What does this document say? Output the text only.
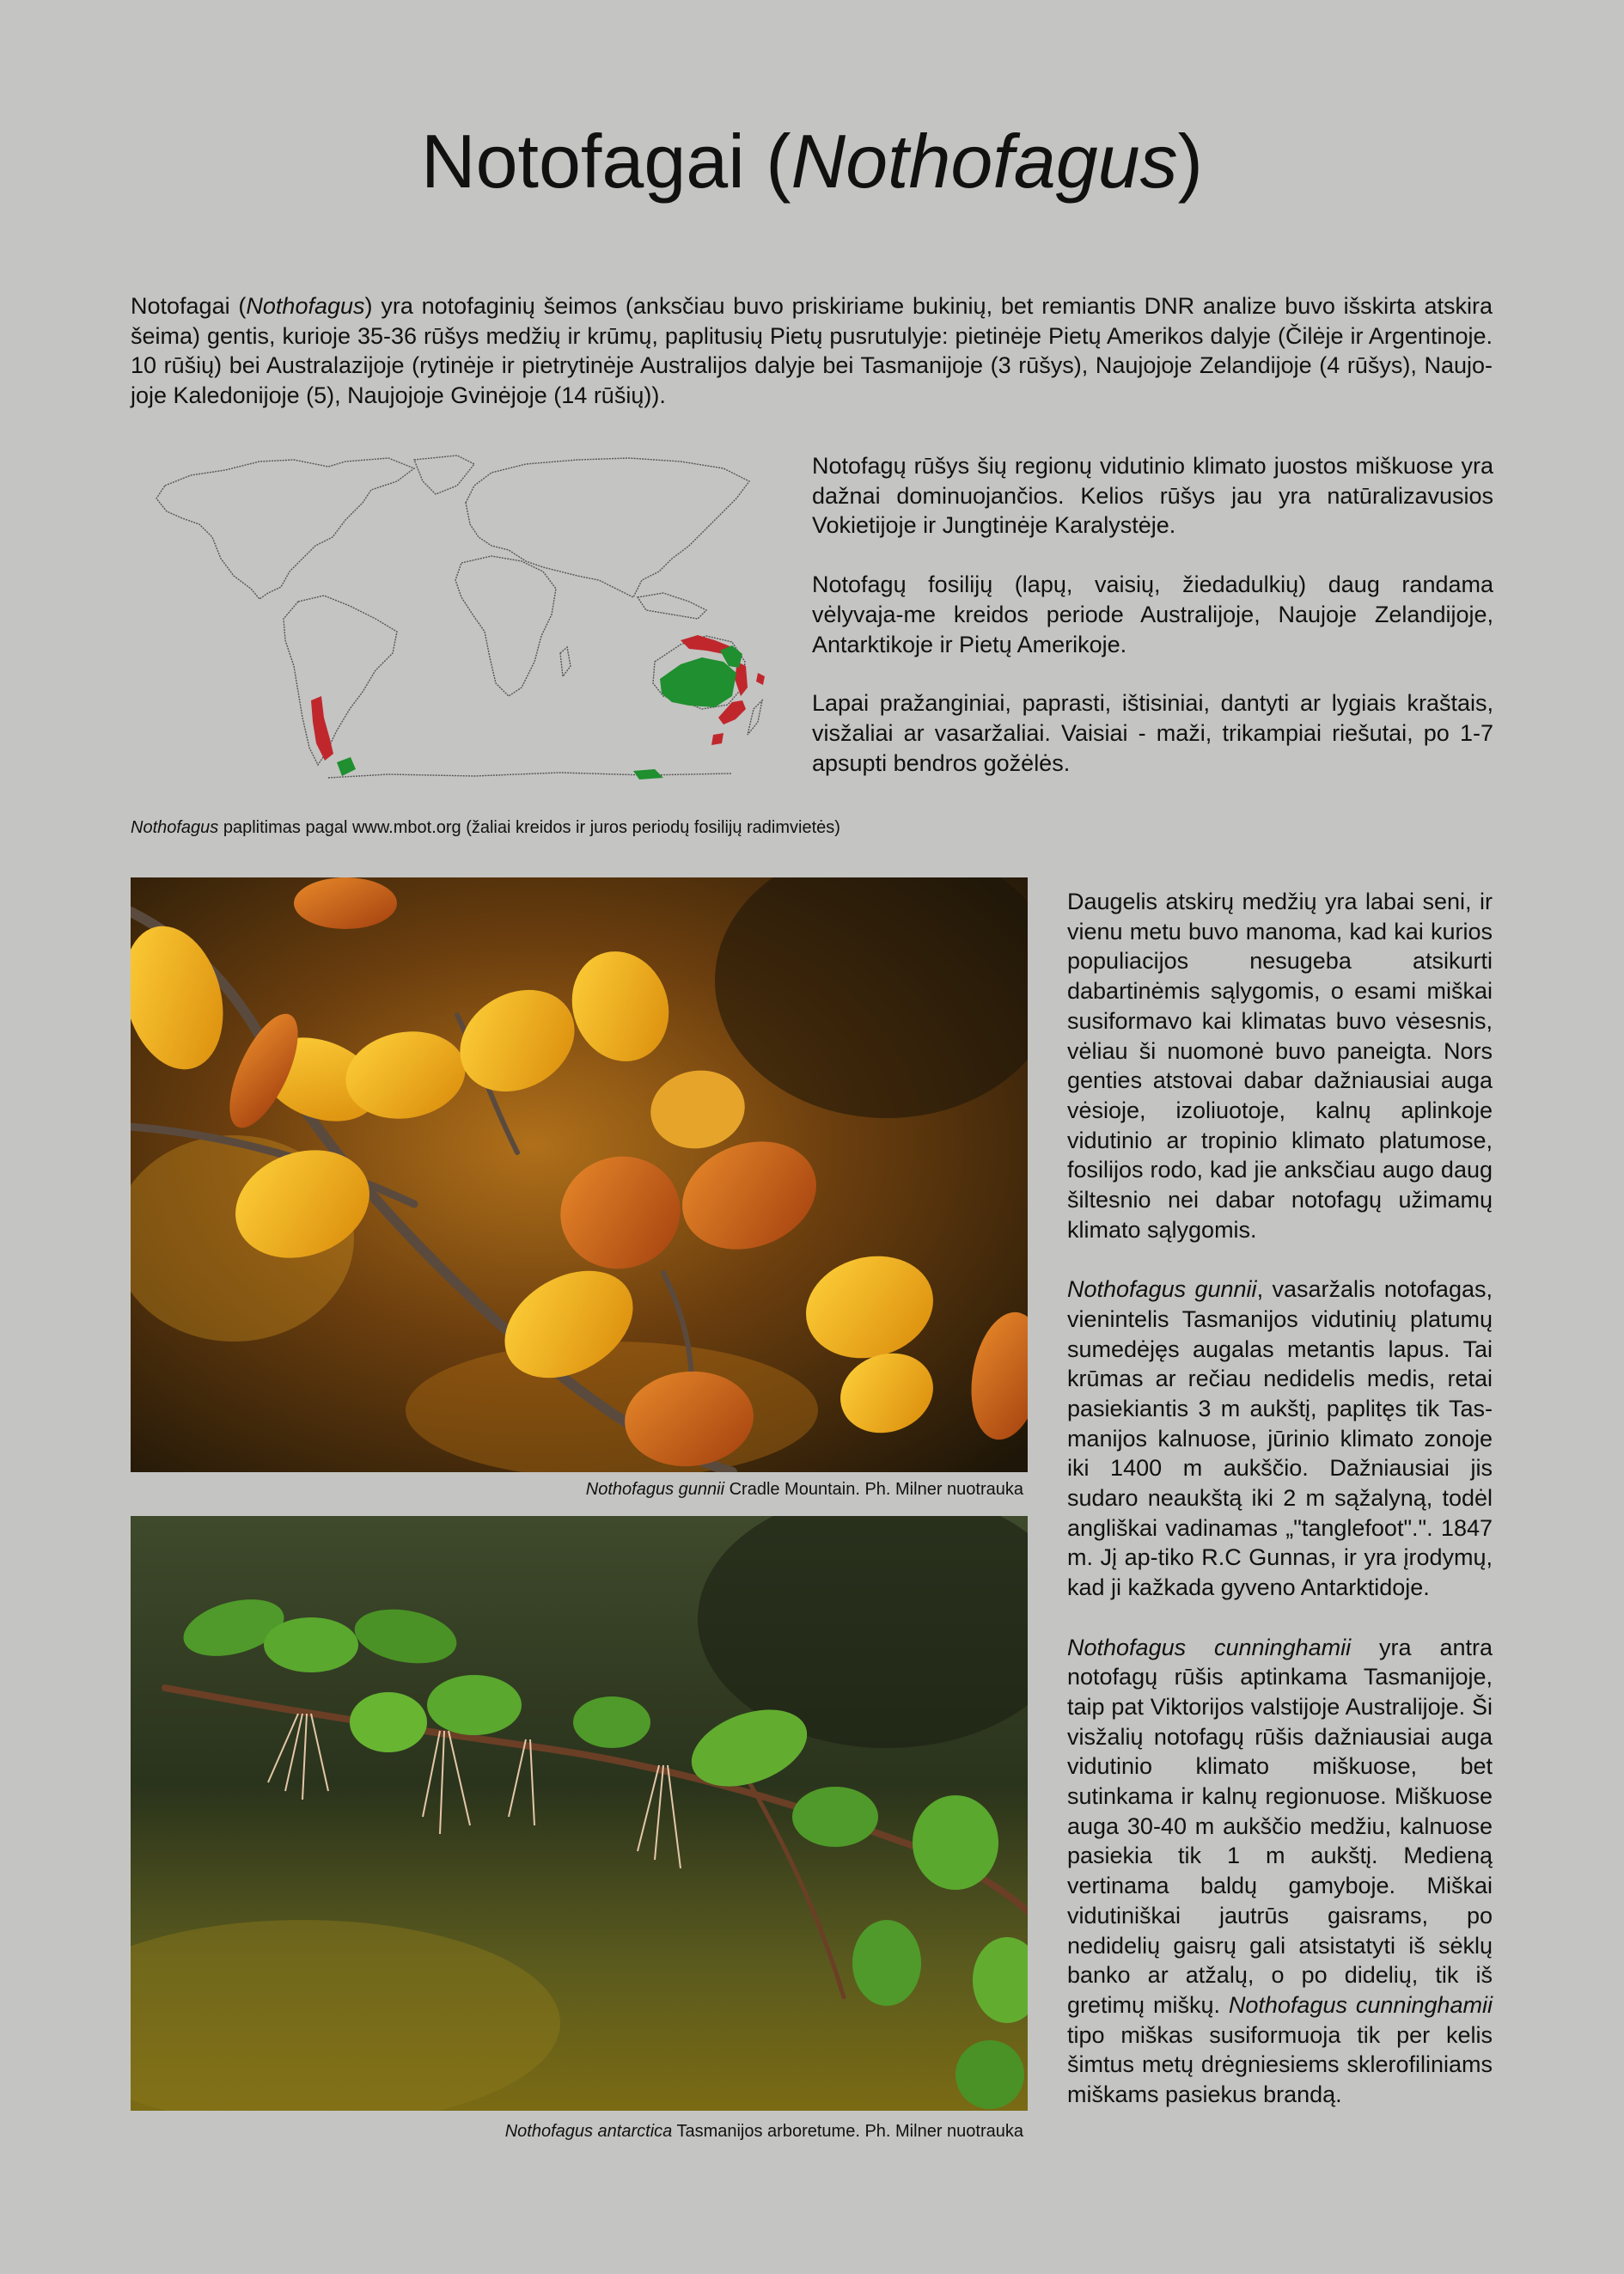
Notofagai (Nothofagus)

Notofagai (Nothofagus) yra notofaginių šeimos (anksčiau buvo priskiriame bukinių, bet remiantis DNR analize buvo išskirta atskira šeima) gentis, kurioje 35-36 rūšys medžių ir krūmų, paplitusių Pietų pusrutulyje: pietinėje Pietų Amerikos dalyje (Čilėje ir Argentinoje. 10 rūšių) bei Australazijoje (rytinėje ir pietrytinėje Australijos dalyje bei Tasmanijoje (3 rūšys), Naujojoje Zelandijoje (4 rūšys), Naujo-joje Kaledonijoje (5), Naujojoje Gvinėjoje (14 rūšių)).

Notofagų rūšys šių regionų vidutinio klimato juostos miškuose yra dažnai dominuojančios. Kelios rūšys jau yra natūralizavusios Vokietijoje ir Jungtinėje Karalystėje.

Notofagų fosilijų (lapų, vaisių, žiedadulkių) daug randama vėlyvaja-me kreidos periode Australijoje, Naujoje Zelandijoje, Antarktikoje ir Pietų Amerikoje.

Lapai pražanginiai, paprasti, ištisiniai, dantyti ar lygiais kraštais, visžaliai ar vasaržaliai. Vaisiai - maži, trikampiai riešutai, po 1-7 apsupti bendros gožėlės.

Nothofagus paplitimas pagal www.mbot.org (žaliai kreidos ir juros periodų fosilijų radimvietės)
Nothofagus gunnii Cradle Mountain. Ph. Milner nuotrauka
Nothofagus antarctica Tasmanijos arboretume. Ph. Milner nuotrauka

Daugelis atskirų medžių yra labai seni, ir vienu metu buvo manoma, kad kai kurios populiacijos nesugeba atsikurti dabartinėmis sąlygomis, o esami miškai susiformavo kai klimatas buvo vėsesnis, vėliau ši nuomonė buvo paneigta. Nors genties atstovai dabar dažniausiai auga vėsioje, izoliuotoje, kalnų aplinkoje vidutinio ar tropinio klimato platumose, fosilijos rodo, kad jie anksčiau augo daug šiltesnio nei dabar notofagų užimamų klimato sąlygomis.

Nothofagus gunnii, vasaržalis notofagas, vienintelis Tasmanijos vidutinių platumų sumedėjęs augalas metantis lapus. Tai krūmas ar rečiau nedidelis medis, retai pasiekiantis 3 m aukštį, paplitęs tik Tas-manijos kalnuose, jūrinio klimato zonoje iki 1400 m aukščio. Dažniausiai jis sudaro neaukštą iki 2 m sąžalyną, todėl angliškai vadinamas „"tanglefoot".". 1847 m. Jį ap-tiko R.C Gunnas, ir yra įrodymų, kad ji kažkada gyveno Antarktidoje.

Nothofagus cunninghamii yra antra notofagų rūšis aptinkama Tasmanijoje, taip pat Viktorijos valstijoje Australijoje. Ši visžalių notofagų rūšis dažniausiai auga vidutinio klimato miškuose, bet sutinkama ir kalnų regionuose. Miškuose auga 30-40 m aukščio medžiu, kalnuose pasiekia tik 1 m aukštį. Medieną vertinama baldų gamyboje. Miškai vidutiniškai jautrūs gaisrams, po nedidelių gaisrų gali atsistatyti iš sėklų banko ar atžalų, o po didelių, tik iš gretimų miškų. Nothofagus cunninghamii tipo miškas susiformuoja tik per kelis šimtus metų drėgniesiems sklerofiliniams miškams pasiekus brandą.
